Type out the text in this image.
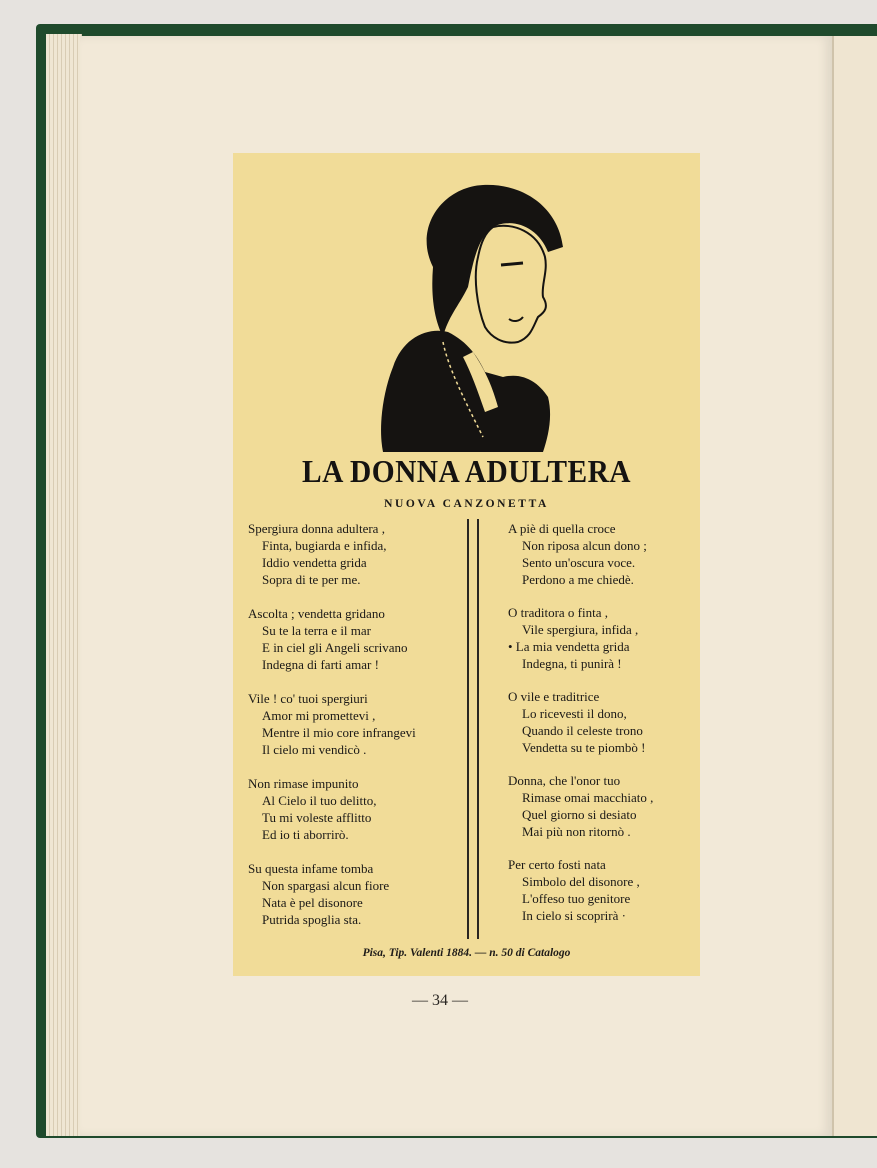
LA DONNA ADULTERA
NUOVA CANZONETTA
Spergiura donna adultera ,
Finta, bugiarda e infida,
Iddio vendetta grida
Sopra di te per me.
Ascolta ; vendetta gridano
Su te la terra e il mar
E in ciel gli Angeli scrivano
Indegna di farti amar !
Vile ! co' tuoi spergiuri
Amor mi promettevi ,
Mentre il mio core infrangevi
Il cielo mi vendicò .
Non rimase impunito
Al Cielo il tuo delitto,
Tu mi voleste afflitto
Ed io ti aborrirò.
Su questa infame tomba
Non spargasi alcun fiore
Nata è pel disonore
Putrida spoglia sta.
A piè di quella croce
Non riposa alcun dono ;
Sento un'oscura voce.
Perdono a me chiedè.
O traditora o finta ,
Vile spergiura, infida ,
• La mia vendetta grida
Indegna, ti punirà !
O vile e traditrice
Lo ricevesti il dono,
Quando il celeste trono
Vendetta su te piombò !
Donna, che l'onor tuo
Rimase omai macchiato ,
Quel giorno si desiato
Mai più non ritornò .
Per certo fosti nata
Simbolo del disonore ,
L'offeso tuo genitore
In cielo si scoprirà ·
Pisa, Tip. Valenti 1884. — n. 50 di Catalogo
— 34 —
